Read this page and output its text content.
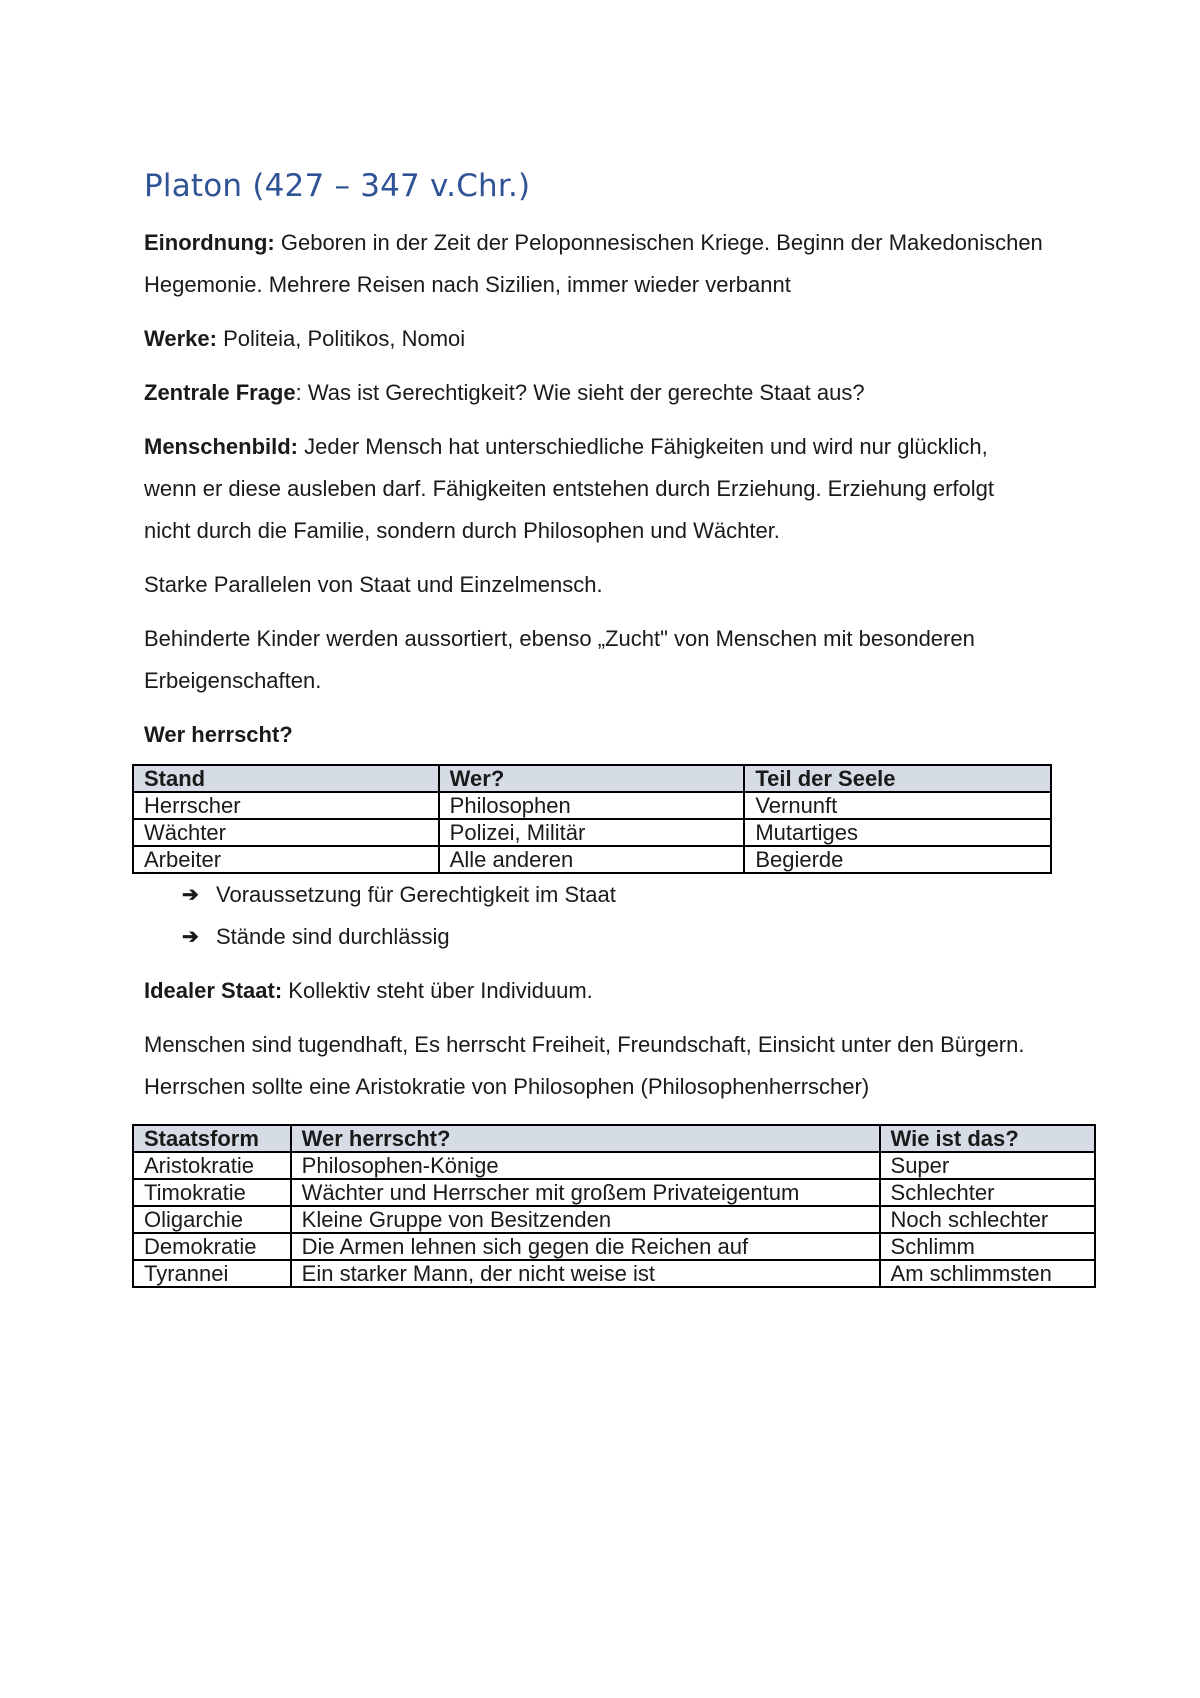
Platon (427 – 347 v.Chr.)

Einordnung: Geboren in der Zeit der Peloponnesischen Kriege. Beginn der Makedonischen Hegemonie. Mehrere Reisen nach Sizilien, immer wieder verbannt

Werke: Politeia, Politikos, Nomoi

Zentrale Frage: Was ist Gerechtigkeit? Wie sieht der gerechte Staat aus?

Menschenbild: Jeder Mensch hat unterschiedliche Fähigkeiten und wird nur glücklich, wenn er diese ausleben darf. Fähigkeiten entstehen durch Erziehung. Erziehung erfolgt nicht durch die Familie, sondern durch Philosophen und Wächter.

Starke Parallelen von Staat und Einzelmensch.

Behinderte Kinder werden aussortiert, ebenso „Zucht" von Menschen mit besonderen Erbeigenschaften.

Wer herrscht?

Stand	Wer?	Teil der Seele
Herrscher	Philosophen	Vernunft
Wächter	Polizei, Militär	Mutartiges
Arbeiter	Alle anderen	Begierde
➔ Voraussetzung für Gerechtigkeit im Staat
➔ Stände sind durchlässig

Idealer Staat: Kollektiv steht über Individuum.

Menschen sind tugendhaft, Es herrscht Freiheit, Freundschaft, Einsicht unter den Bürgern. Herrschen sollte eine Aristokratie von Philosophen (Philosophenherrscher)

Staatsform	Wer herrscht?	Wie ist das?
Aristokratie	Philosophen-Könige	Super
Timokratie	Wächter und Herrscher mit großem Privateigentum	Schlechter
Oligarchie	Kleine Gruppe von Besitzenden	Noch schlechter
Demokratie	Die Armen lehnen sich gegen die Reichen auf	Schlimm
Tyrannei	Ein starker Mann, der nicht weise ist	Am schlimmsten
